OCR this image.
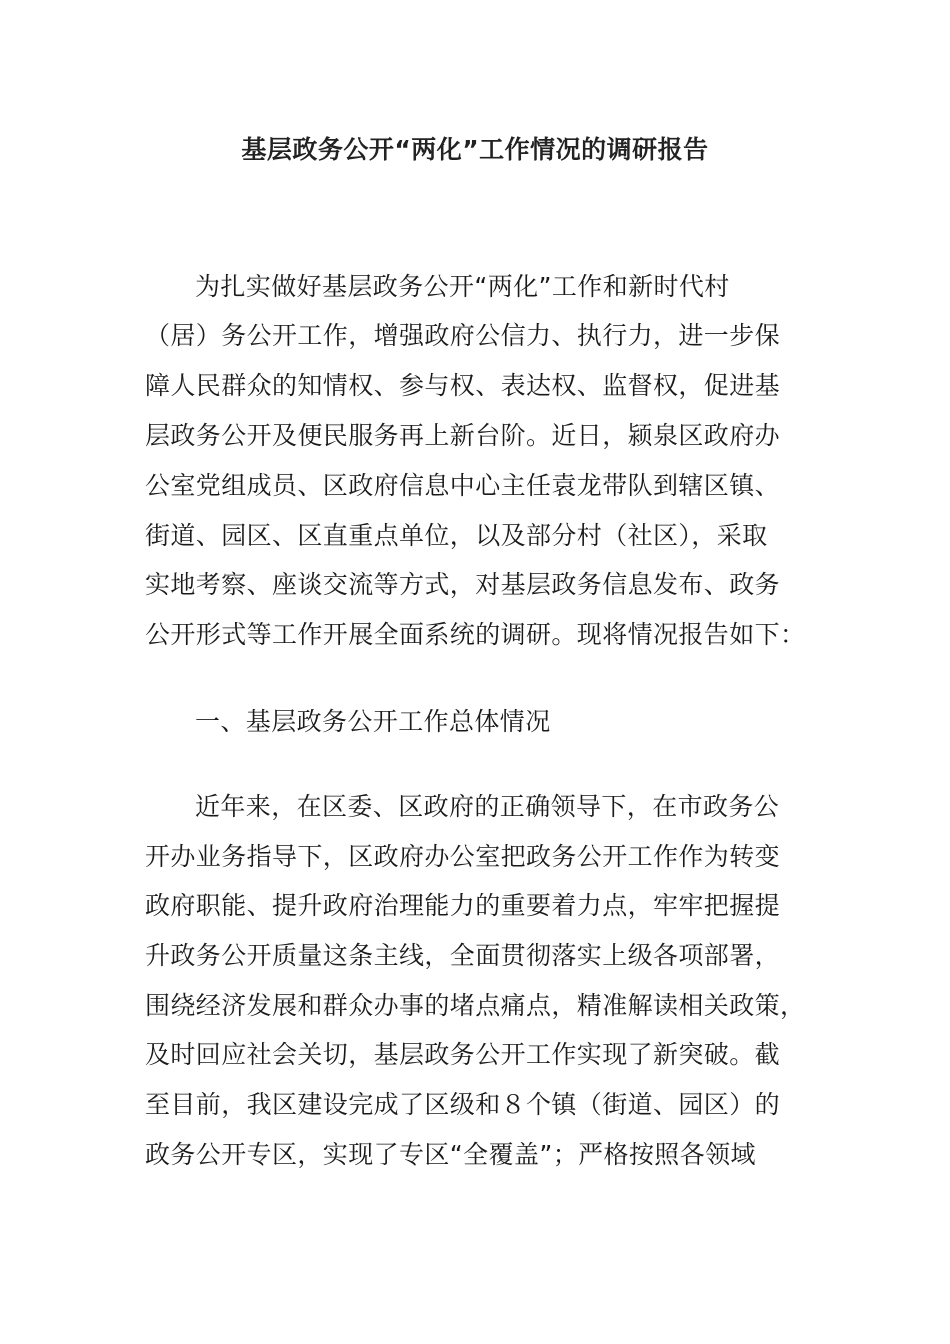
基层政务公开“两化”工作情况的调研报告
为扎实做好基层政务公开“两化”工作和新时代村
（居）务公开工作，增强政府公信力、执行力，进一步保
障人民群众的知情权、参与权、表达权、监督权，促进基
层政务公开及便民服务再上新台阶。近日，颍泉区政府办
公室党组成员、区政府信息中心主任袁龙带队到辖区镇、
街道、园区、区直重点单位，以及部分村（社区），采取
实地考察、座谈交流等方式，对基层政务信息发布、政务
公开形式等工作开展全面系统的调研。现将情况报告如下：
一、基层政务公开工作总体情况
近年来，在区委、区政府的正确领导下，在市政务公
开办业务指导下，区政府办公室把政务公开工作作为转变
政府职能、提升政府治理能力的重要着力点，牢牢把握提
升政务公开质量这条主线，全面贯彻落实上级各项部署，
围绕经济发展和群众办事的堵点痛点，精准解读相关政策，
及时回应社会关切，基层政务公开工作实现了新突破。截
至目前，我区建设完成了区级和８个镇（街道、园区）的
政务公开专区，实现了专区“全覆盖”；严格按照各领域
